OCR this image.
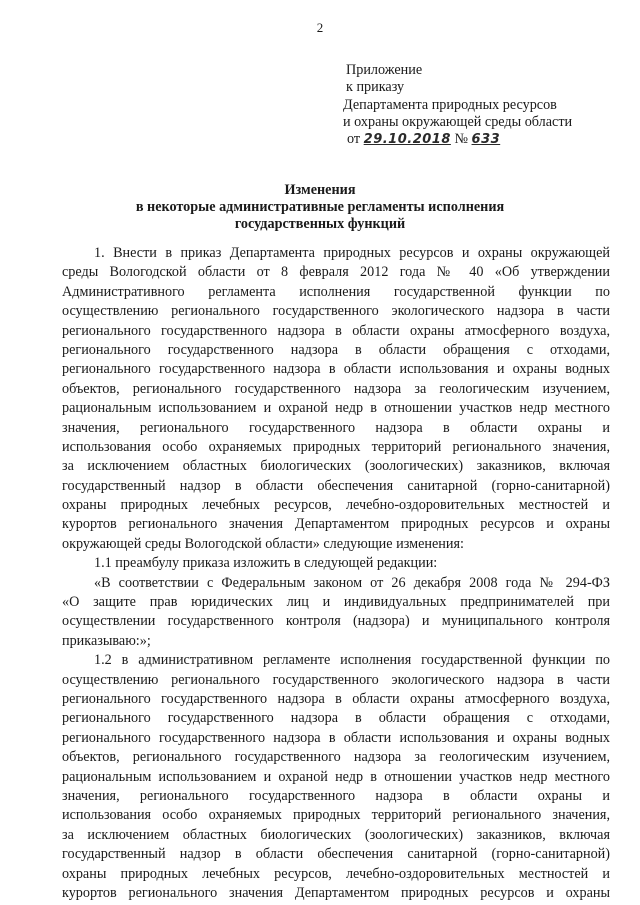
2
Приложение
к приказу
Департамента природных ресурсов
и охраны окружающей среды области
от 29.10.2018 № 633
Изменения
в некоторые административные регламенты исполнения
государственных функций
1. Внести в приказ Департамента природных ресурсов и охраны окружающей
среды Вологодской области от 8 февраля 2012 года № 40 «Об утверждении
Административного регламента исполнения государственной функции по
осуществлению регионального государственного экологического надзора в части
регионального государственного надзора в области охраны атмосферного воздуха,
регионального государственного надзора в области обращения с отходами,
регионального государственного надзора в области использования и охраны водных
объектов, регионального государственного надзора за геологическим изучением,
рациональным использованием и охраной недр в отношении участков недр местного
значения, регионального государственного надзора в области охраны и
использования особо охраняемых природных территорий регионального значения,
за исключением областных биологических (зоологических) заказников, включая
государственный надзор в области обеспечения санитарной (горно-санитарной)
охраны природных лечебных ресурсов, лечебно-оздоровительных местностей и
курортов регионального значения Департаментом природных ресурсов и охраны
окружающей среды Вологодской области» следующие изменения:
1.1 преамбулу приказа изложить в следующей редакции:
«В соответствии с Федеральным законом от 26 декабря 2008 года № 294-ФЗ
«О защите прав юридических лиц и индивидуальных предпринимателей при
осуществлении государственного контроля (надзора) и муниципального контроля
приказываю:»;
1.2 в административном регламенте исполнения государственной функции по
осуществлению регионального государственного экологического надзора в части
регионального государственного надзора в области охраны атмосферного воздуха,
регионального государственного надзора в области обращения с отходами,
регионального государственного надзора в области использования и охраны водных
объектов, регионального государственного надзора за геологическим изучением,
рациональным использованием и охраной недр в отношении участков недр местного
значения, регионального государственного надзора в области охраны и
использования особо охраняемых природных территорий регионального значения,
за исключением областных биологических (зоологических) заказников, включая
государственный надзор в области обеспечения санитарной (горно-санитарной)
охраны природных лечебных ресурсов, лечебно-оздоровительных местностей и
курортов регионального значения Департаментом природных ресурсов и охраны
